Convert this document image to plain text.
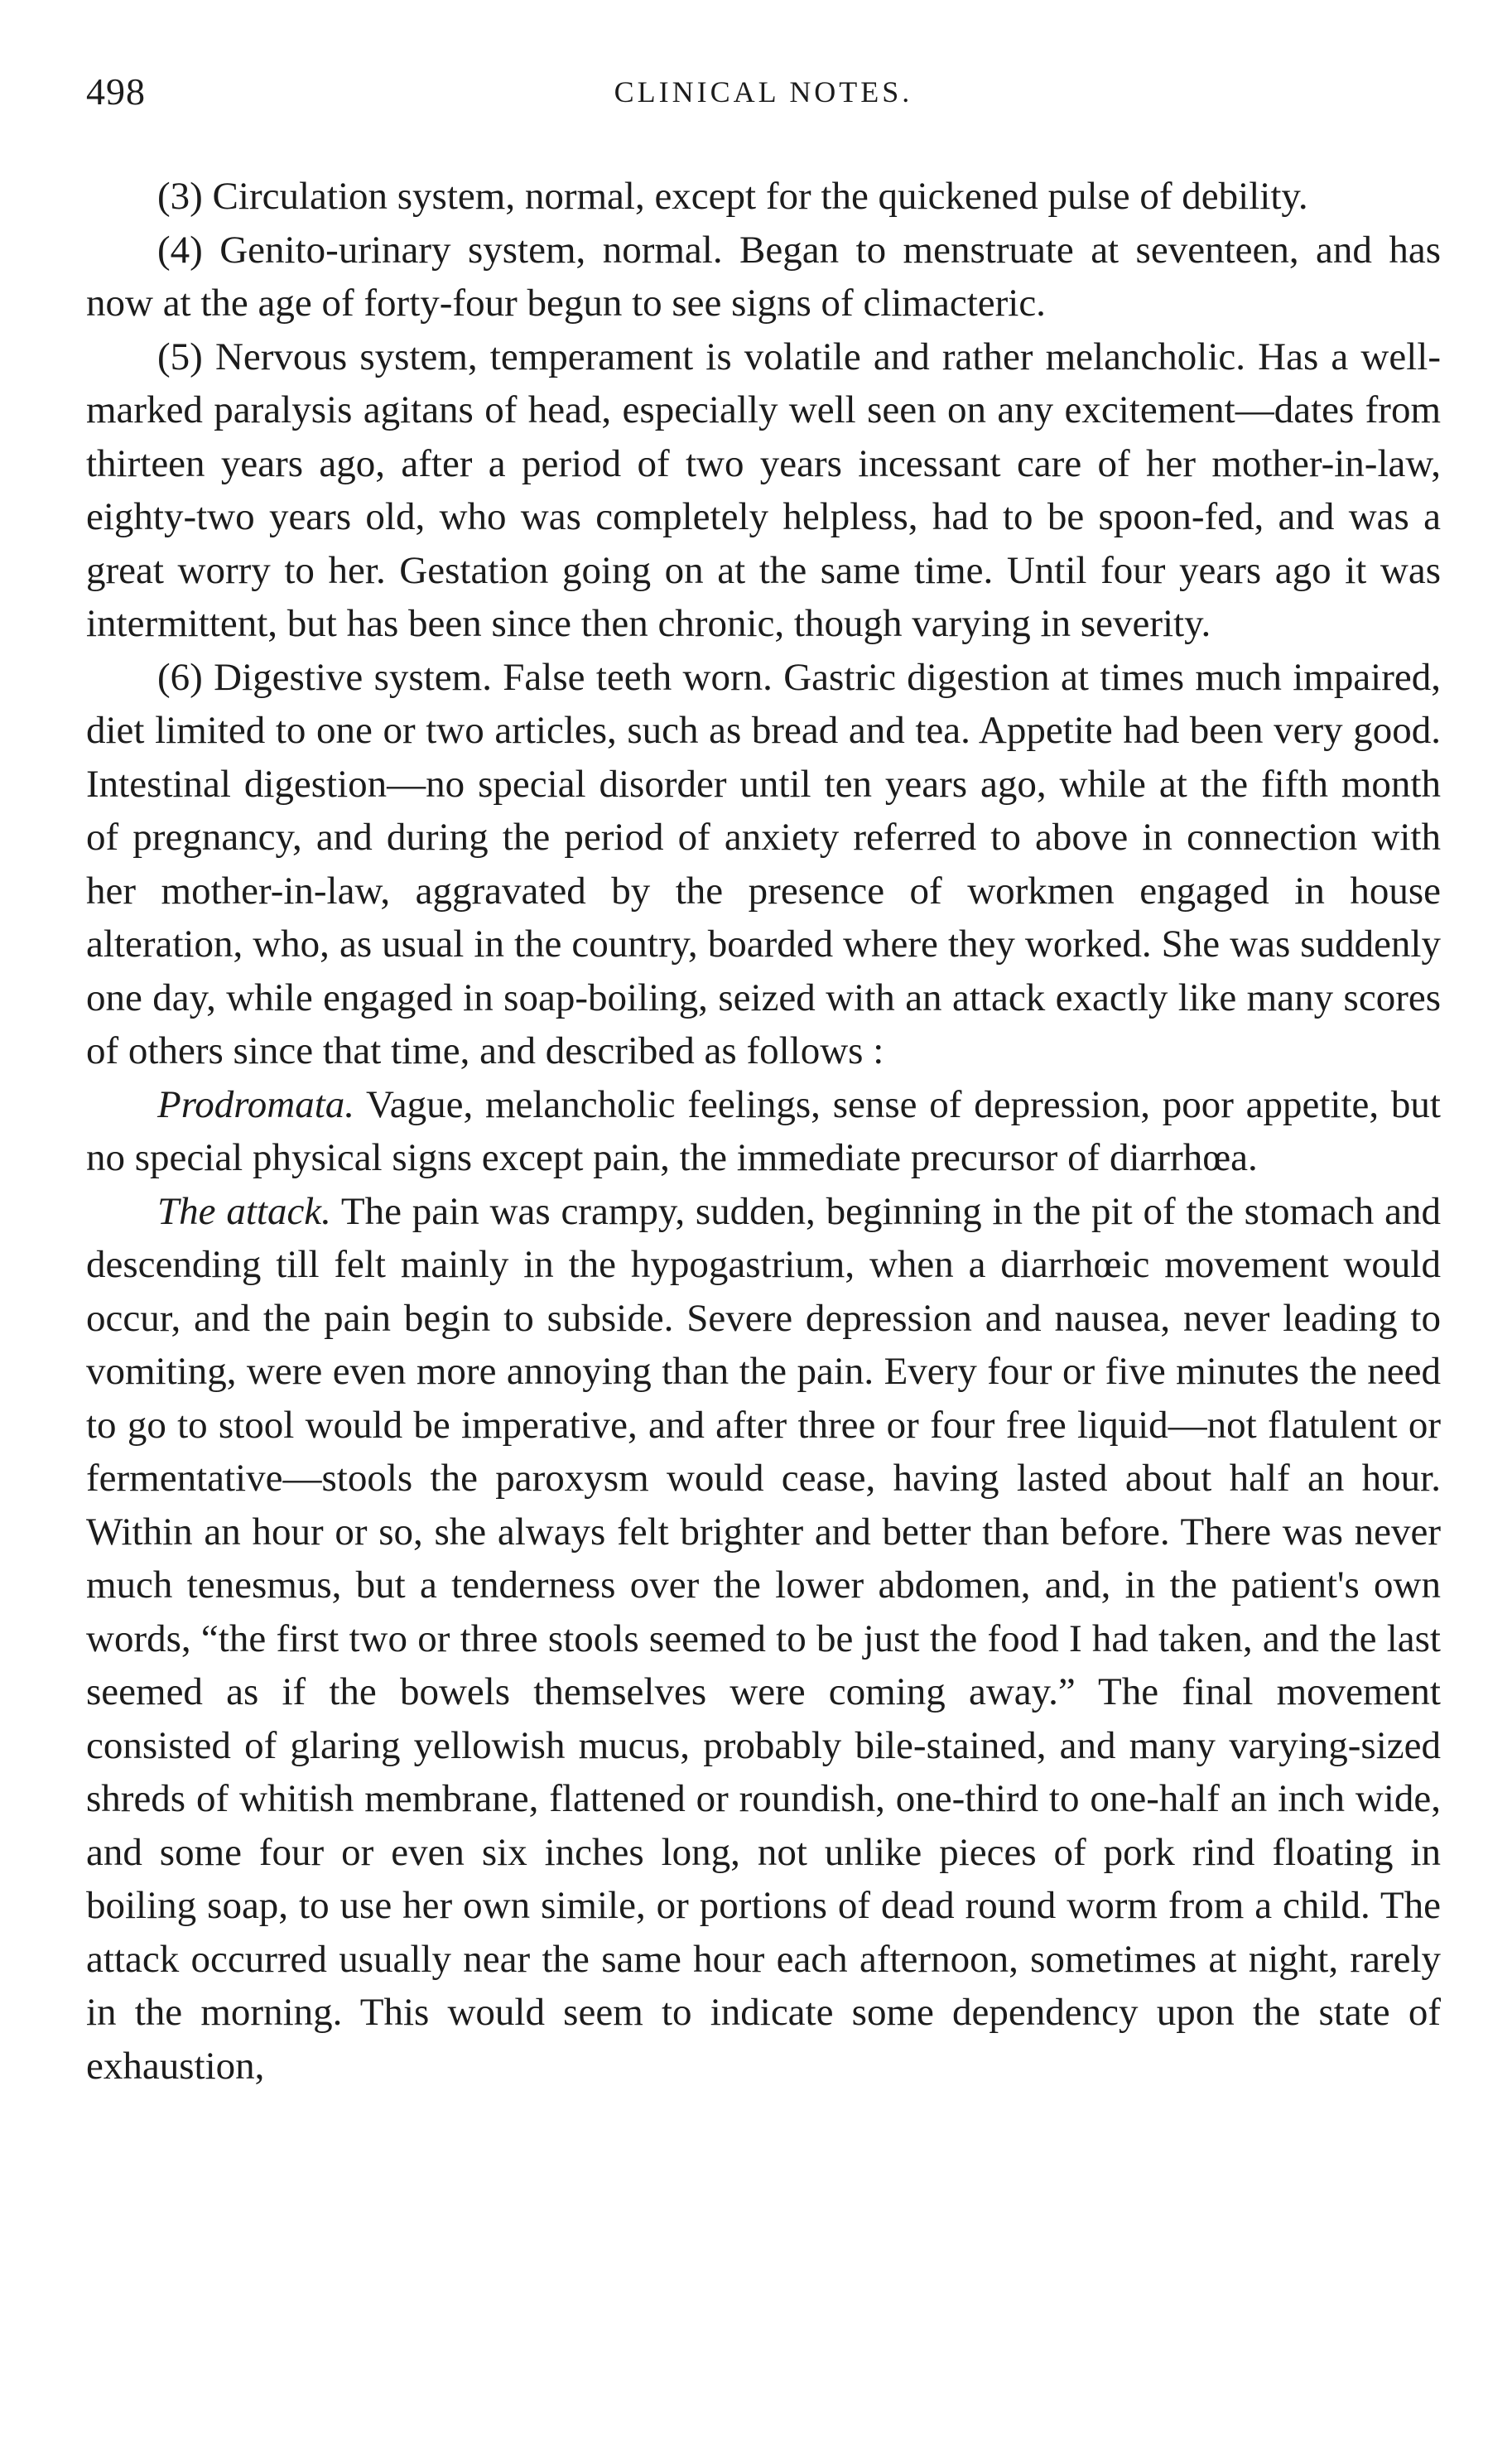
498	CLINICAL NOTES.

(3) Circulation system, normal, except for the quickened pulse of debility.

(4) Genito-urinary system, normal. Began to menstruate at seventeen, and has now at the age of forty-four begun to see signs of climacteric.

(5) Nervous system, temperament is volatile and rather melancholic. Has a well-marked paralysis agitans of head, especially well seen on any excitement—dates from thirteen years ago, after a period of two years incessant care of her mother-in-law, eighty-two years old, who was completely helpless, had to be spoon-fed, and was a great worry to her. Gestation going on at the same time. Until four years ago it was intermittent, but has been since then chronic, though varying in severity.

(6) Digestive system. False teeth worn. Gastric digestion at times much impaired, diet limited to one or two articles, such as bread and tea. Appetite had been very good. Intestinal digestion—no special disorder until ten years ago, while at the fifth month of pregnancy, and during the period of anxiety referred to above in connection with her mother-in-law, aggravated by the presence of workmen engaged in house alteration, who, as usual in the country, boarded where they worked. She was suddenly one day, while engaged in soap-boiling, seized with an attack exactly like many scores of others since that time, and described as follows :

Prodromata. Vague, melancholic feelings, sense of depression, poor appetite, but no special physical signs except pain, the immediate precursor of diarrhœa.

The attack. The pain was crampy, sudden, beginning in the pit of the stomach and descending till felt mainly in the hypogastrium, when a diarrhœic movement would occur, and the pain begin to subside. Severe depression and nausea, never leading to vomiting, were even more annoying than the pain. Every four or five minutes the need to go to stool would be imperative, and after three or four free liquid—not flatulent or fermentative—stools the paroxysm would cease, having lasted about half an hour. Within an hour or so, she always felt brighter and better than before. There was never much tenesmus, but a tenderness over the lower abdomen, and, in the patient's own words, “the first two or three stools seemed to be just the food I had taken, and the last seemed as if the bowels themselves were coming away.” The final movement consisted of glaring yellowish mucus, probably bile-stained, and many varying-sized shreds of whitish membrane, flattened or roundish, one-third to one-half an inch wide, and some four or even six inches long, not unlike pieces of pork rind floating in boiling soap, to use her own simile, or portions of dead round worm from a child. The attack occurred usually near the same hour each afternoon, sometimes at night, rarely in the morning. This would seem to indicate some dependency upon the state of exhaustion,
